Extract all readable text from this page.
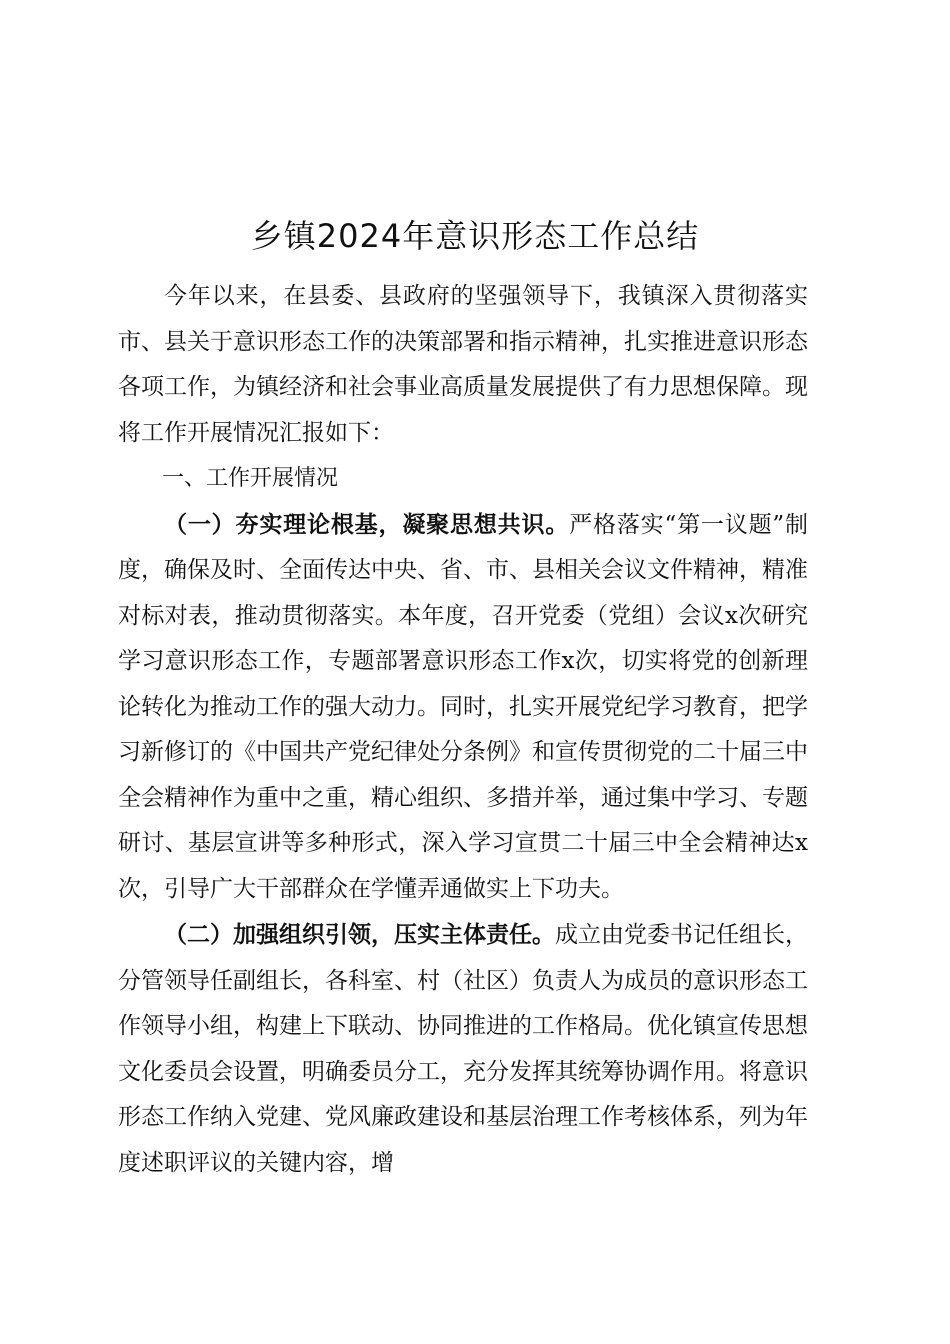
乡镇2024年意识形态工作总结

今年以来，在县委、县政府的坚强领导下，我镇深入贯彻落实市、县关于意识形态工作的决策部署和指示精神，扎实推进意识形态各项工作，为镇经济和社会事业高质量发展提供了有力思想保障。现将工作开展情况汇报如下：

一、工作开展情况

（一）夯实理论根基，凝聚思想共识。严格落实“第一议题”制度，确保及时、全面传达中央、省、市、县相关会议文件精神，精准对标对表，推动贯彻落实。本年度，召开党委（党组）会议x次研究学习意识形态工作，专题部署意识形态工作x次，切实将党的创新理论转化为推动工作的强大动力。同时，扎实开展党纪学习教育，把学习新修订的《中国共产党纪律处分条例》和宣传贯彻党的二十届三中全会精神作为重中之重，精心组织、多措并举，通过集中学习、专题研讨、基层宣讲等多种形式，深入学习宣贯二十届三中全会精神达x次，引导广大干部群众在学懂弄通做实上下功夫。

（二）加强组织引领，压实主体责任。成立由党委书记任组长，分管领导任副组长，各科室、村（社区）负责人为成员的意识形态工作领导小组，构建上下联动、协同推进的工作格局。优化镇宣传思想文化委员会设置，明确委员分工，充分发挥其统筹协调作用。将意识形态工作纳入党建、党风廉政建设和基层治理工作考核体系，列为年度述职评议的关键内容，增
